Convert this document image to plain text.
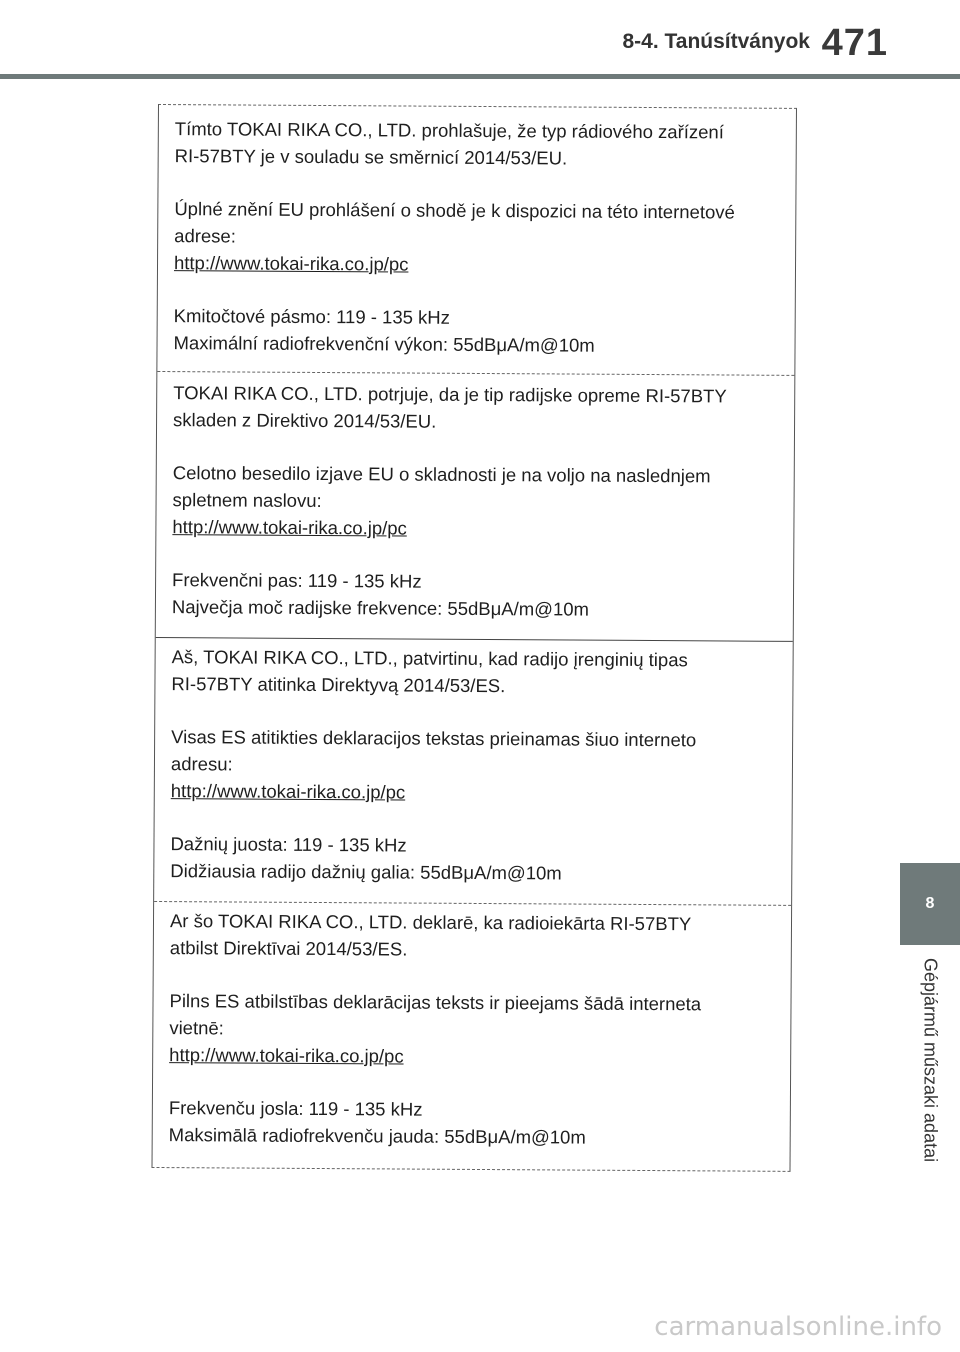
8-4. Tanúsítványok 471

Tímto TOKAI RIKA CO., LTD. prohlašuje, že typ rádiového zařízení

RI-57BTY je v souladu se směrnicí 2014/53/EU.

Úplné znění EU prohlášení o shodě je k dispozici na této internetové

adrese:

http://www.tokai-rika.co.jp/pc

Kmitočtové pásmo: 119 - 135 kHz

Maximální radiofrekvenční výkon: 55dBμA/m@10m

TOKAI RIKA CO., LTD. potrjuje, da je tip radijske opreme RI-57BTY

skladen z Direktivo 2014/53/EU.

Celotno besedilo izjave EU o skladnosti je na voljo na naslednjem

spletnem naslovu:

http://www.tokai-rika.co.jp/pc

Frekvenčni pas: 119 - 135 kHz

Največja moč radijske frekvence: 55dBμA/m@10m

Aš, TOKAI RIKA CO., LTD., patvirtinu, kad radijo įrenginių tipas

RI-57BTY atitinka Direktyvą 2014/53/ES.

Visas ES atitikties deklaracijos tekstas prieinamas šiuo interneto

adresu:

http://www.tokai-rika.co.jp/pc

Dažnių juosta: 119 - 135 kHz

Didžiausia radijo dažnių galia: 55dBμA/m@10m

Ar šo TOKAI RIKA CO., LTD. deklarē, ka radioiekārta RI-57BTY

atbilst Direktīvai 2014/53/ES.

Pilns ES atbilstības deklarācijas teksts ir pieejams šādā interneta

vietnē:

http://www.tokai-rika.co.jp/pc

Frekvenču josla: 119 - 135 kHz

Maksimālā radiofrekvenču jauda: 55dBμA/m@10m

8
Gépjármű műszaki adatai
carmanualsonline.info
